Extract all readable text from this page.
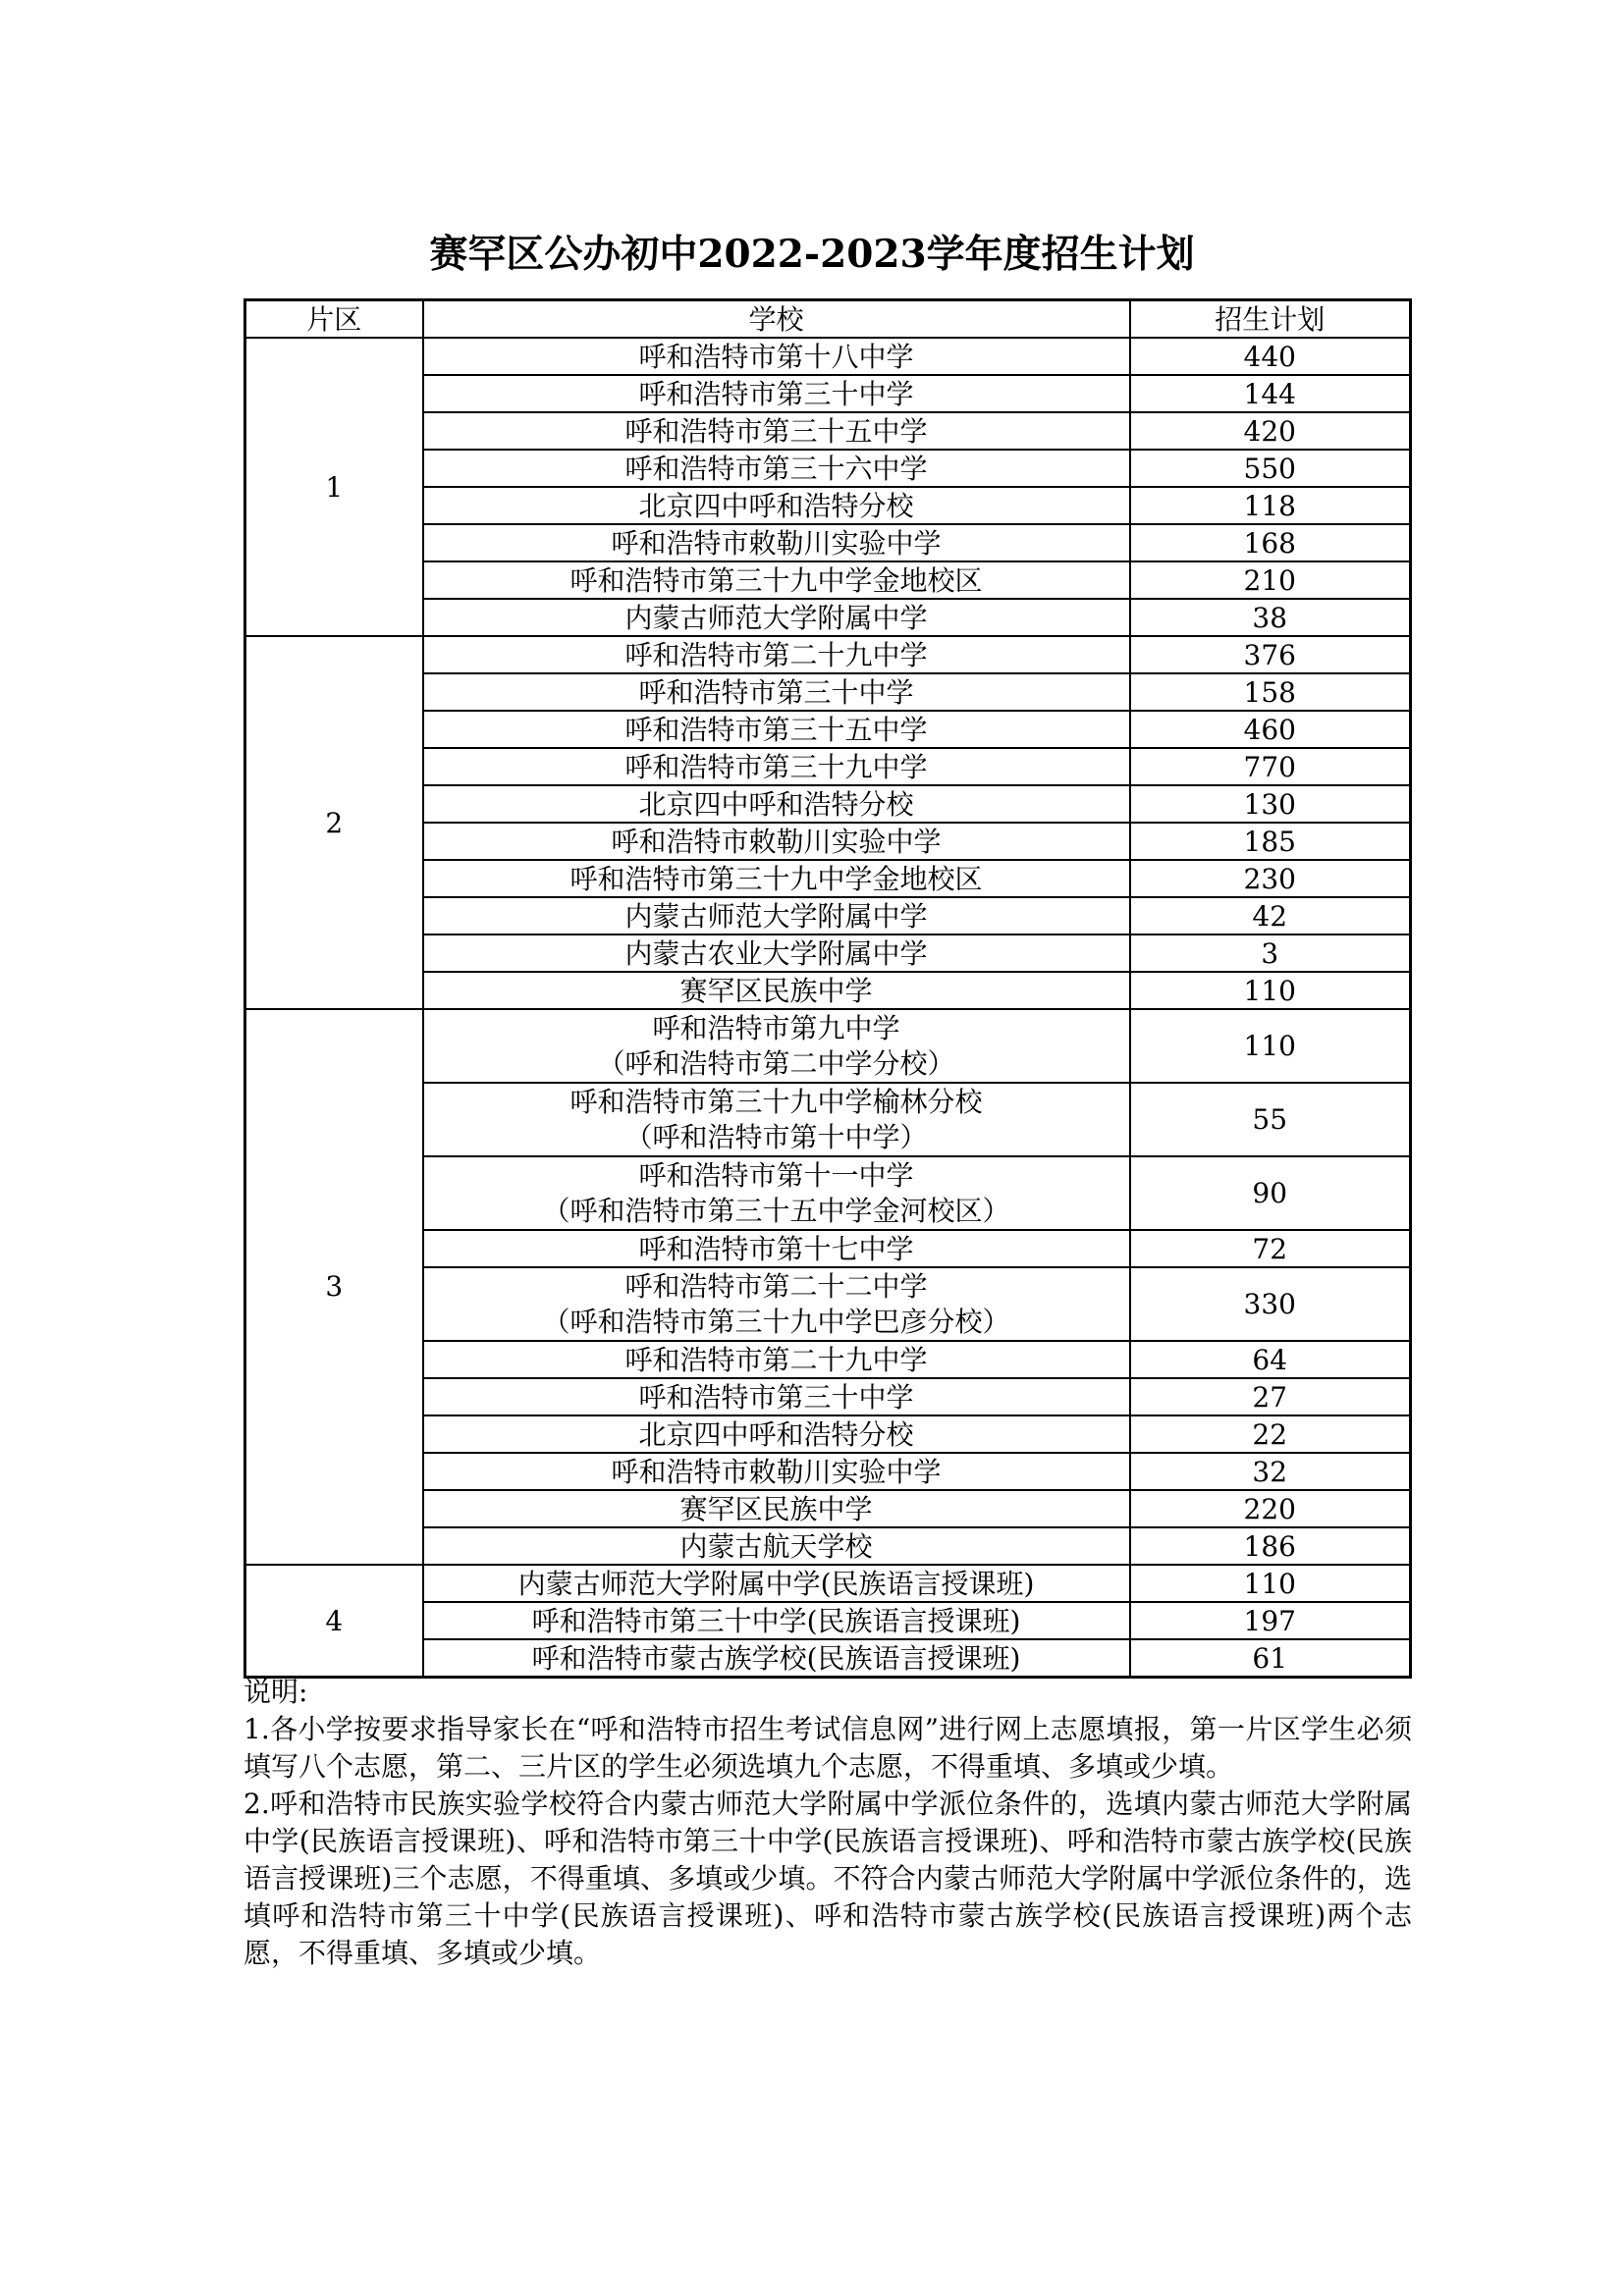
赛罕区公办初中2022-2023学年度招生计划
片区	学校	招生计划
1	呼和浩特市第十八中学	440

	呼和浩特市第三十中学	144

	呼和浩特市第三十五中学	420

	呼和浩特市第三十六中学	550

	北京四中呼和浩特分校	118

	呼和浩特市敕勒川实验中学	168

	呼和浩特市第三十九中学金地校区	210

	内蒙古师范大学附属中学	38
2	呼和浩特市第二十九中学	376

	呼和浩特市第三十中学	158

	呼和浩特市第三十五中学	460

	呼和浩特市第三十九中学	770

	北京四中呼和浩特分校	130

	呼和浩特市敕勒川实验中学	185

	呼和浩特市第三十九中学金地校区	230

	内蒙古师范大学附属中学	42

	内蒙古农业大学附属中学	3

	赛罕区民族中学	110
3	呼和浩特市第九中学
（呼和浩特市第二中学分校）	110

	呼和浩特市第三十九中学榆林分校
（呼和浩特市第十中学）	55

	呼和浩特市第十一中学
（呼和浩特市第三十五中学金河校区）	90

	呼和浩特市第十七中学	72

	呼和浩特市第二十二中学
（呼和浩特市第三十九中学巴彦分校）	330

	呼和浩特市第二十九中学	64

	呼和浩特市第三十中学	27

	北京四中呼和浩特分校	22

	呼和浩特市敕勒川实验中学	32

	赛罕区民族中学	220

	内蒙古航天学校	186
4	内蒙古师范大学附属中学(民族语言授课班)	110

	呼和浩特市第三十中学(民族语言授课班)	197

	呼和浩特市蒙古族学校(民族语言授课班)	61

说明:

1.各小学按要求指导家长在“呼和浩特市招生考试信息网”进行网上志愿填报，第一片区学生必须填写八个志愿，第二、三片区的学生必须选填九个志愿，不得重填、多填或少填。

2.呼和浩特市民族实验学校符合内蒙古师范大学附属中学派位条件的，选填内蒙古师范大学附属中学(民族语言授课班)、呼和浩特市第三十中学(民族语言授课班)、呼和浩特市蒙古族学校(民族语言授课班)三个志愿，不得重填、多填或少填。不符合内蒙古师范大学附属中学派位条件的，选填呼和浩特市第三十中学(民族语言授课班)、呼和浩特市蒙古族学校(民族语言授课班)两个志愿，不得重填、多填或少填。
